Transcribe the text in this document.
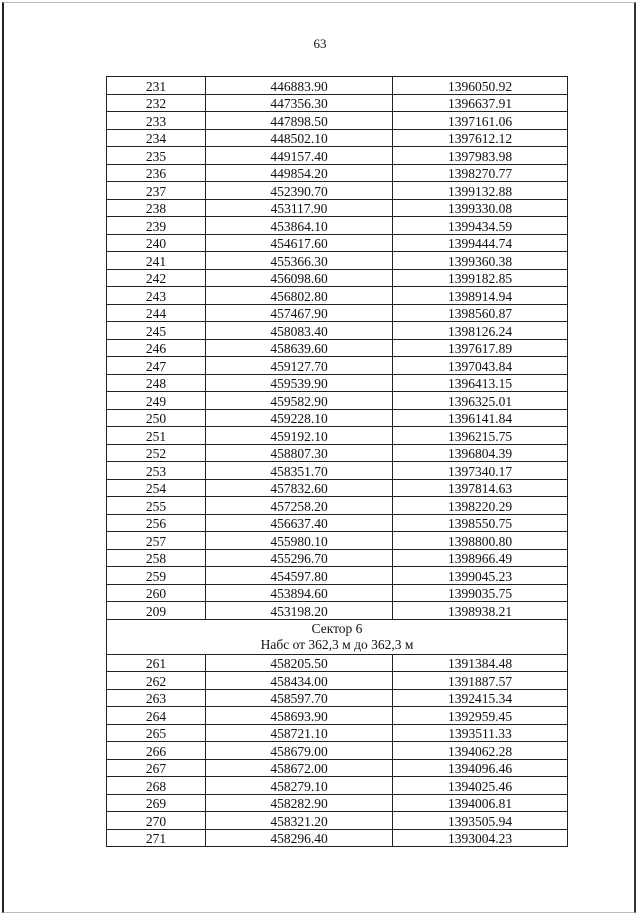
63
231	446883.90	1396050.92
232	447356.30	1396637.91
233	447898.50	1397161.06
234	448502.10	1397612.12
235	449157.40	1397983.98
236	449854.20	1398270.77
237	452390.70	1399132.88
238	453117.90	1399330.08
239	453864.10	1399434.59
240	454617.60	1399444.74
241	455366.30	1399360.38
242	456098.60	1399182.85
243	456802.80	1398914.94
244	457467.90	1398560.87
245	458083.40	1398126.24
246	458639.60	1397617.89
247	459127.70	1397043.84
248	459539.90	1396413.15
249	459582.90	1396325.01
250	459228.10	1396141.84
251	459192.10	1396215.75
252	458807.30	1396804.39
253	458351.70	1397340.17
254	457832.60	1397814.63
255	457258.20	1398220.29
256	456637.40	1398550.75
257	455980.10	1398800.80
258	455296.70	1398966.49
259	454597.80	1399045.23
260	453894.60	1399035.75
209	453198.20	1398938.21

Сектор 6
Набс от 362,3 м до 362,3 м		

261	458205.50	1391384.48
262	458434.00	1391887.57
263	458597.70	1392415.34
264	458693.90	1392959.45
265	458721.10	1393511.33
266	458679.00	1394062.28
267	458672.00	1394096.46
268	458279.10	1394025.46
269	458282.90	1394006.81
270	458321.20	1393505.94
271	458296.40	1393004.23
